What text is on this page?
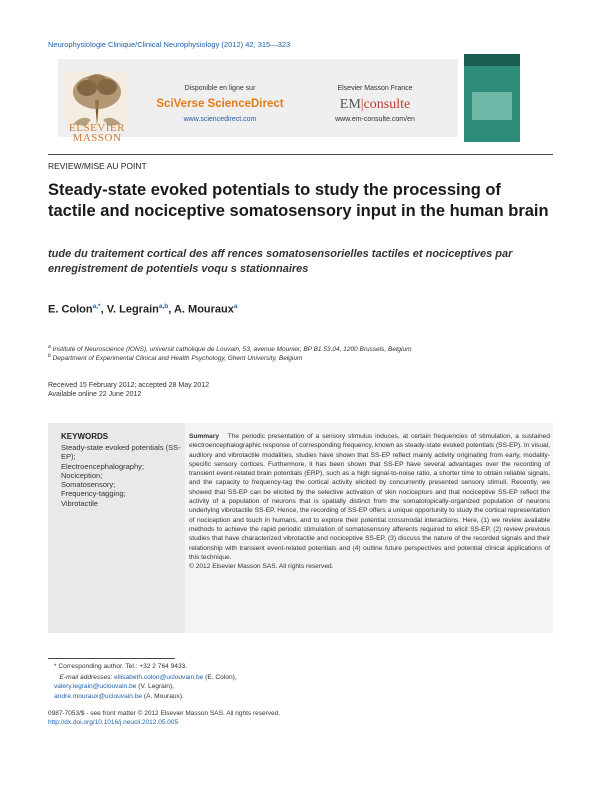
Neurophysiologie Clinique/Clinical Neurophysiology (2012) 42, 315—323
ELSEVIER
MASSON
Disponible en ligne sur
SciVerse ScienceDirect
www.sciencedirect.com
Elsevier Masson France
EM|consulte
www.em-consulte.com/en
REVIEW/MISE AU POINT
Steady-state evoked potentials to study the processing of tactile and nociceptive somatosensory input in the human brain
tude du traitement cortical des aff rences somatosensorielles tactiles et nociceptives par enregistrement de potentiels voqu s stationnaires
E. Colon$^{a,*}$, V. Legrain$^{a,b}$, A. Mouraux$^a$
$^a$ Institute of Neuroscience (IONS), universit catholique de Louvain, 53, avenue Mounier, BP B1.53.04, 1200 Brussels, Belgium
$^b$ Department of Experimental Clinical and Health Psychology, Ghent University, Belgium
Received 15 February 2012; accepted 28 May 2012
Available online 22 June 2012
KEYWORDS
Steady-state evoked potentials (SS-EP);
Electroencephalography;
Nociception;
Somatosensory;
Frequency-tagging;
Vibrotactile
Summary The periodic presentation of a sensory stimulus induces, at certain frequencies of stimulation, a sustained electroencephalographic response of corresponding frequency, known as steady-state evoked potentials (SS-EP). In visual, auditory and vibrotactile modalities, studies have shown that SS-EP reflect mainly activity originating from early, modality-specific sensory cortices. Furthermore, it has been shown that SS-EP have several advantages over the recording of transient event-related brain potentials (ERP), such as a high signal-to-noise ratio, a shorter time to obtain reliable signals, and the capacity to frequency-tag the cortical activity elicited by concurrently presented sensory stimuli. Recently, we showed that SS-EP can be elicited by the selective activation of skin nociceptors and that nociceptive SS-EP reflect the activity of a population of neurons that is spatially distinct from the somatotopically-organized population of neurons underlying vibrotactile SS-EP. Hence, the recording of SS-EP offers a unique opportunity to study the cortical representation of nociception and touch in humans, and to explore their potential crossmodal interactions. Here, (1) we review available methods to achieve the rapid periodic stimulation of somatosensory afferents required to elicit SS-EP, (2) review previous studies that have characterized vibrotactile and nociceptive SS-EP, (3) discuss the nature of the recorded signals and their relationship with transient event-related potentials and (4) outline future perspectives and potential clinical applications of this technique.
© 2012 Elsevier Masson SAS. All rights reserved.
* Corresponding author. Tel.: +32 2 764 9433.
E-mail addresses: ellisabeth.colon@uclouvain.be (E. Colon),
valery.legrain@uclouvain.be (V. Legrain),
andre.mouraux@uclouvain.be (A. Mouraux).
0987-7053/$ - see front matter © 2012 Elsevier Masson SAS. All rights reserved.
http://dx.doi.org/10.1016/j.neucli.2012.05.005
